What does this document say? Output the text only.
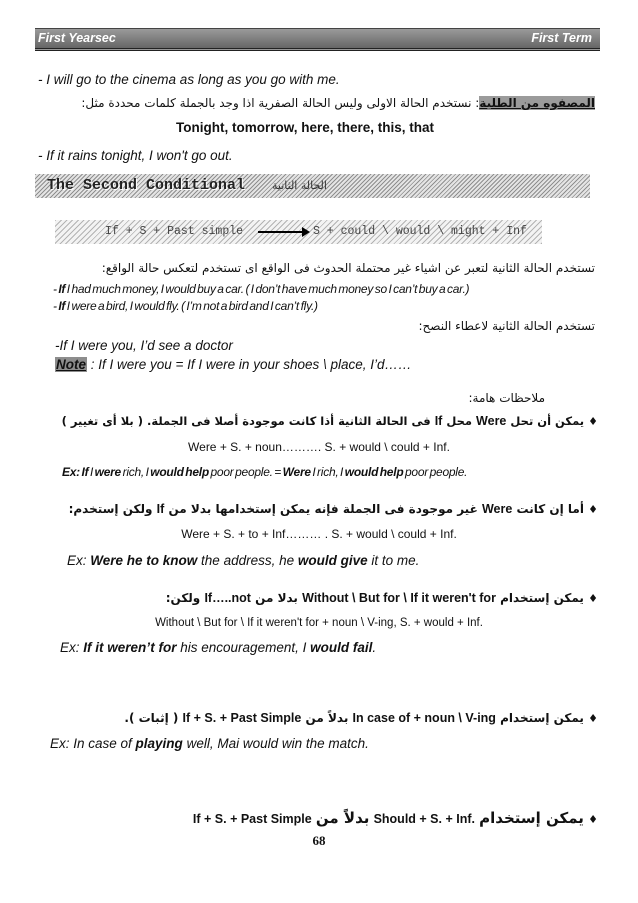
First Yearsec	First Term
- I will go to the cinema as long as you go with me.
المصفوه من الطلبة: نستخدم الحالة الاولى وليس الحالة الصفرية اذا وجد بالجملة كلمات محددة مثل:
Tonight, tomorrow, here, there, this, that
- If it rains tonight, I won't go out.
The Second Conditional الحالة الثانية
If + S + Past simple	S + could \ would \ might + Inf
تستخدم الحالة الثانية لتعبر عن اشياء غير محتملة الحدوث فى الواقع اى تستخدم لتعكس حالة الواقع:
- If I had much money, I would buy a car. ( I don’t have much money so I can’t buy a car.)
- If I were a bird, I would fly. ( I’m not a bird and I can’t fly.)
تستخدم الحالة الثانية لاعطاء النصح:
-If I were you, I’d see a doctor
Note : If I were you = If I were in your shoes \ place, I’d……
ملاحظات هامة:
♦ يمكن أن تحل Were محل If فى الحالة الثانية أذا كانت موجودة أصلا فى الجملة. ( بلا أى تغيير )
Were + S. + noun………. S. + would \ could + Inf.
Ex: If I were rich, I would help poor people. = Were I rich, I would help poor people.
♦ أما إن كانت Were غير موجودة فى الجملة فإنه يمكن إستخدامها بدلا من If ولكن إستخدم:
Were + S. + to + Inf……… . S. + would \ could + Inf.
Ex: Were he to know the address, he would give it to me.
♦ يمكن إستخدام Without \ But for \ If it weren't for بدلا من If…..not ولكن:
Without \ But for \ If it weren't for + noun \ V-ing, S. + would + Inf.
Ex: If it weren’t for his encouragement, I would fail.
♦ يمكن إستخدام In case of + noun \ V-ing بدلاً من If + S. + Past Simple ( إثبات ).
Ex: In case of playing well, Mai would win the match.
♦ يمكن إستخدام Should + S. + Inf. بدلاً من If + S. + Past Simple
68
